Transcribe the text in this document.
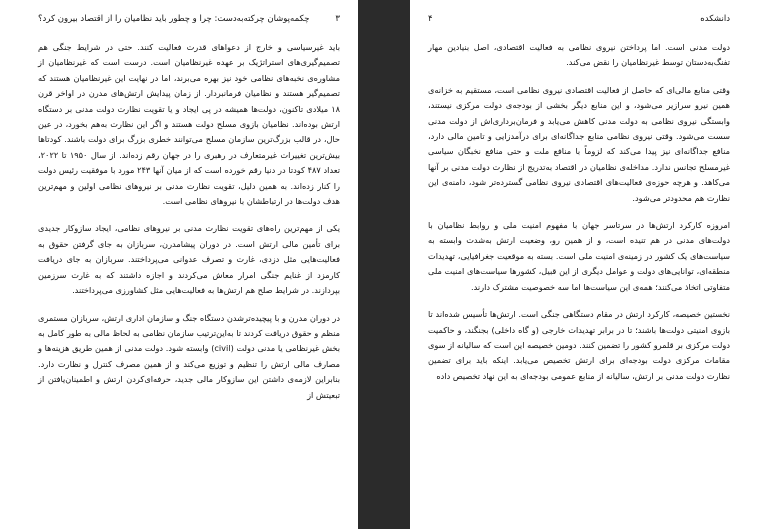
۳
چکمه‌پوشان چرکته‌به‌دست: چرا و چطور باید نظامیان را از اقتصاد بیرون کرد؟

باید غیرسیاسی و خارج از دعواهای قدرت فعالیت کنند. حتی در شرایط جنگی هم تصمیم‌گیری‌های استراتژیک بر عهده غیرنظامیان است. درست است که غیرنظامیان از مشاوره‌ی نخبه‌های نظامی خود نیز بهره می‌برند، اما در نهایت این غیرنظامیان هستند که تصمیم‌گیر هستند و نظامیان فرمانبردار. از زمان پیدایش ارتش‌های مدرن در اواخر قرن ۱۸ میلادی تاکنون، دولت‌ها همیشه در پی ایجاد و یا تقویت نظارت دولت مدنی بر دستگاه ارتش بوده‌اند. نظامیان بازوی مسلح دولت هستند و اگر این نظارت به‌هم بخورد، در عین حال، در قالب بزرگ‌ترین سازمان مسلح می‌توانند خطری بزرگ برای دولت باشند. کودتاها بیش‌ترین تغییرات غیرمتعارف در رهبری را در جهان رقم زده‌اند. از سال ۱۹۵۰ تا ۲۰۲۲، تعداد ۴۸۷ کودتا در دنیا رقم خورده است که از میان آنها ۲۴۳ مورد با موفقیت رئیس دولت را کنار زده‌اند. به همین دلیل، تقویت نظارت مدنی بر نیروهای نظامی اولین و مهم‌ترین هدف دولت‌ها در ارتباطشان با نیروهای نظامی است.

یکی از مهم‌ترین راه‌های تقویت نظارت مدنی بر نیروهای نظامی، ایجاد سازوکار جدیدی برای تأمین مالی ارتش است. در دوران پیشامدرن، سربازان به جای گرفتن حقوق به فعالیت‌هایی مثل دزدی، غارت و تصرف عدوانی می‌پرداختند. سربازان به جای دریافت کارمزد از غنایم جنگی امرار معاش می‌کردند و اجازه داشتند که به غارت سرزمین بپردازند. در شرایط صلح هم ارتش‌ها به فعالیت‌هایی مثل کشاورزی می‌پرداختند.

در دوران مدرن و با پیچیده‌ترشدن دستگاه جنگ و سازمان اداری ارتش، سربازان مستمری منظم و حقوق دریافت کردند تا به‌این‌ترتیب سازمان نظامی به لحاظ مالی به طور کامل به بخش غیرنظامی یا مدنی دولت (civil) وابسته شود. دولت مدنی از همین طریق هزینه‌ها و مصارف مالی ارتش را تنظیم و توزیع می‌کند و از همین مصرف کنترل و نظارت دارد. بنابراین لازمه‌ی داشتن این سازوکار مالی جدید، حرفه‌ای‌کردن ارتش و اطمینان‌یافتن از تبعیتش از

دانشکده
۴

دولت مدنی است. اما پرداختن نیروی نظامی به فعالیت اقتصادی، اصل بنیادین مهار تفنگ‌به‌دستان توسط غیرنظامیان را نقض می‌کند.

وقتی منابع مالی‌ای که حاصل از فعالیت اقتصادی نیروی نظامی است، مستقیم به خزانه‌ی همین نیرو سرازیر می‌شود، و این منابع دیگر بخشی از بودجه‌ی دولت مرکزی نیستند، وابستگی نیروی نظامی به دولت مدنی کاهش می‌یابد و فرمان‌برداری‌اش از دولت مدنی سست می‌شود. وقتی نیروی نظامی منابع جداگانه‌ای برای درآمدزایی و تامین مالی دارد، منافع جداگانه‌ای نیز پیدا می‌کند که لزوماً با منافع ملت و حتی منافع نخبگان سیاسی غیرمسلح تجانس ندارد. مداخله‌ی نظامیان در اقتصاد به‌تدریج از نظارت دولت مدنی بر آنها می‌کاهد. و هرچه حوزه‌ی فعالیت‌های اقتصادی نیروی نظامی گسترده‌تر شود، دامنه‌ی این نظارت هم محدودتر می‌شود.

امروزه کارکرد ارتش‌ها در سرتاسر جهان با مفهوم امنیت ملی و روابط نظامیان با دولت‌های مدنی در هم تنیده است، و از همین رو، وضعیت ارتش به‌شدت وابسته به سیاست‌های یک کشور در زمینه‌ی امنیت ملی است. بسته به موقعیت جغرافیایی، تهدیدات منطقه‌ای، توانایی‌های دولت و عوامل دیگری از این قبیل، کشورها سیاست‌های امنیت ملی متفاوتی اتخاذ می‌کنند؛ همه‌ی این سیاست‌ها اما سه خصوصیت مشترک دارند.

نخستین خصیصه، کارکرد ارتش در مقام دستگاهی جنگی است. ارتش‌ها تأسیس شده‌اند تا بازوی امنیتی دولت‌ها باشند؛ تا در برابر تهدیدات خارجی (و گاه داخلی) بجنگند، و حاکمیت دولت مرکزی بر قلمرو کشور را تضمین کنند. دومین خصیصه این است که سالیانه از سوی مقامات مرکزی دولت بودجه‌ای برای ارتش تخصیص می‌یابد. اینکه باید برای تضمین نظارت دولت مدنی بر ارتش، سالیانه از منابع عمومی بودجه‌ای به این نهاد تخصیص داده
